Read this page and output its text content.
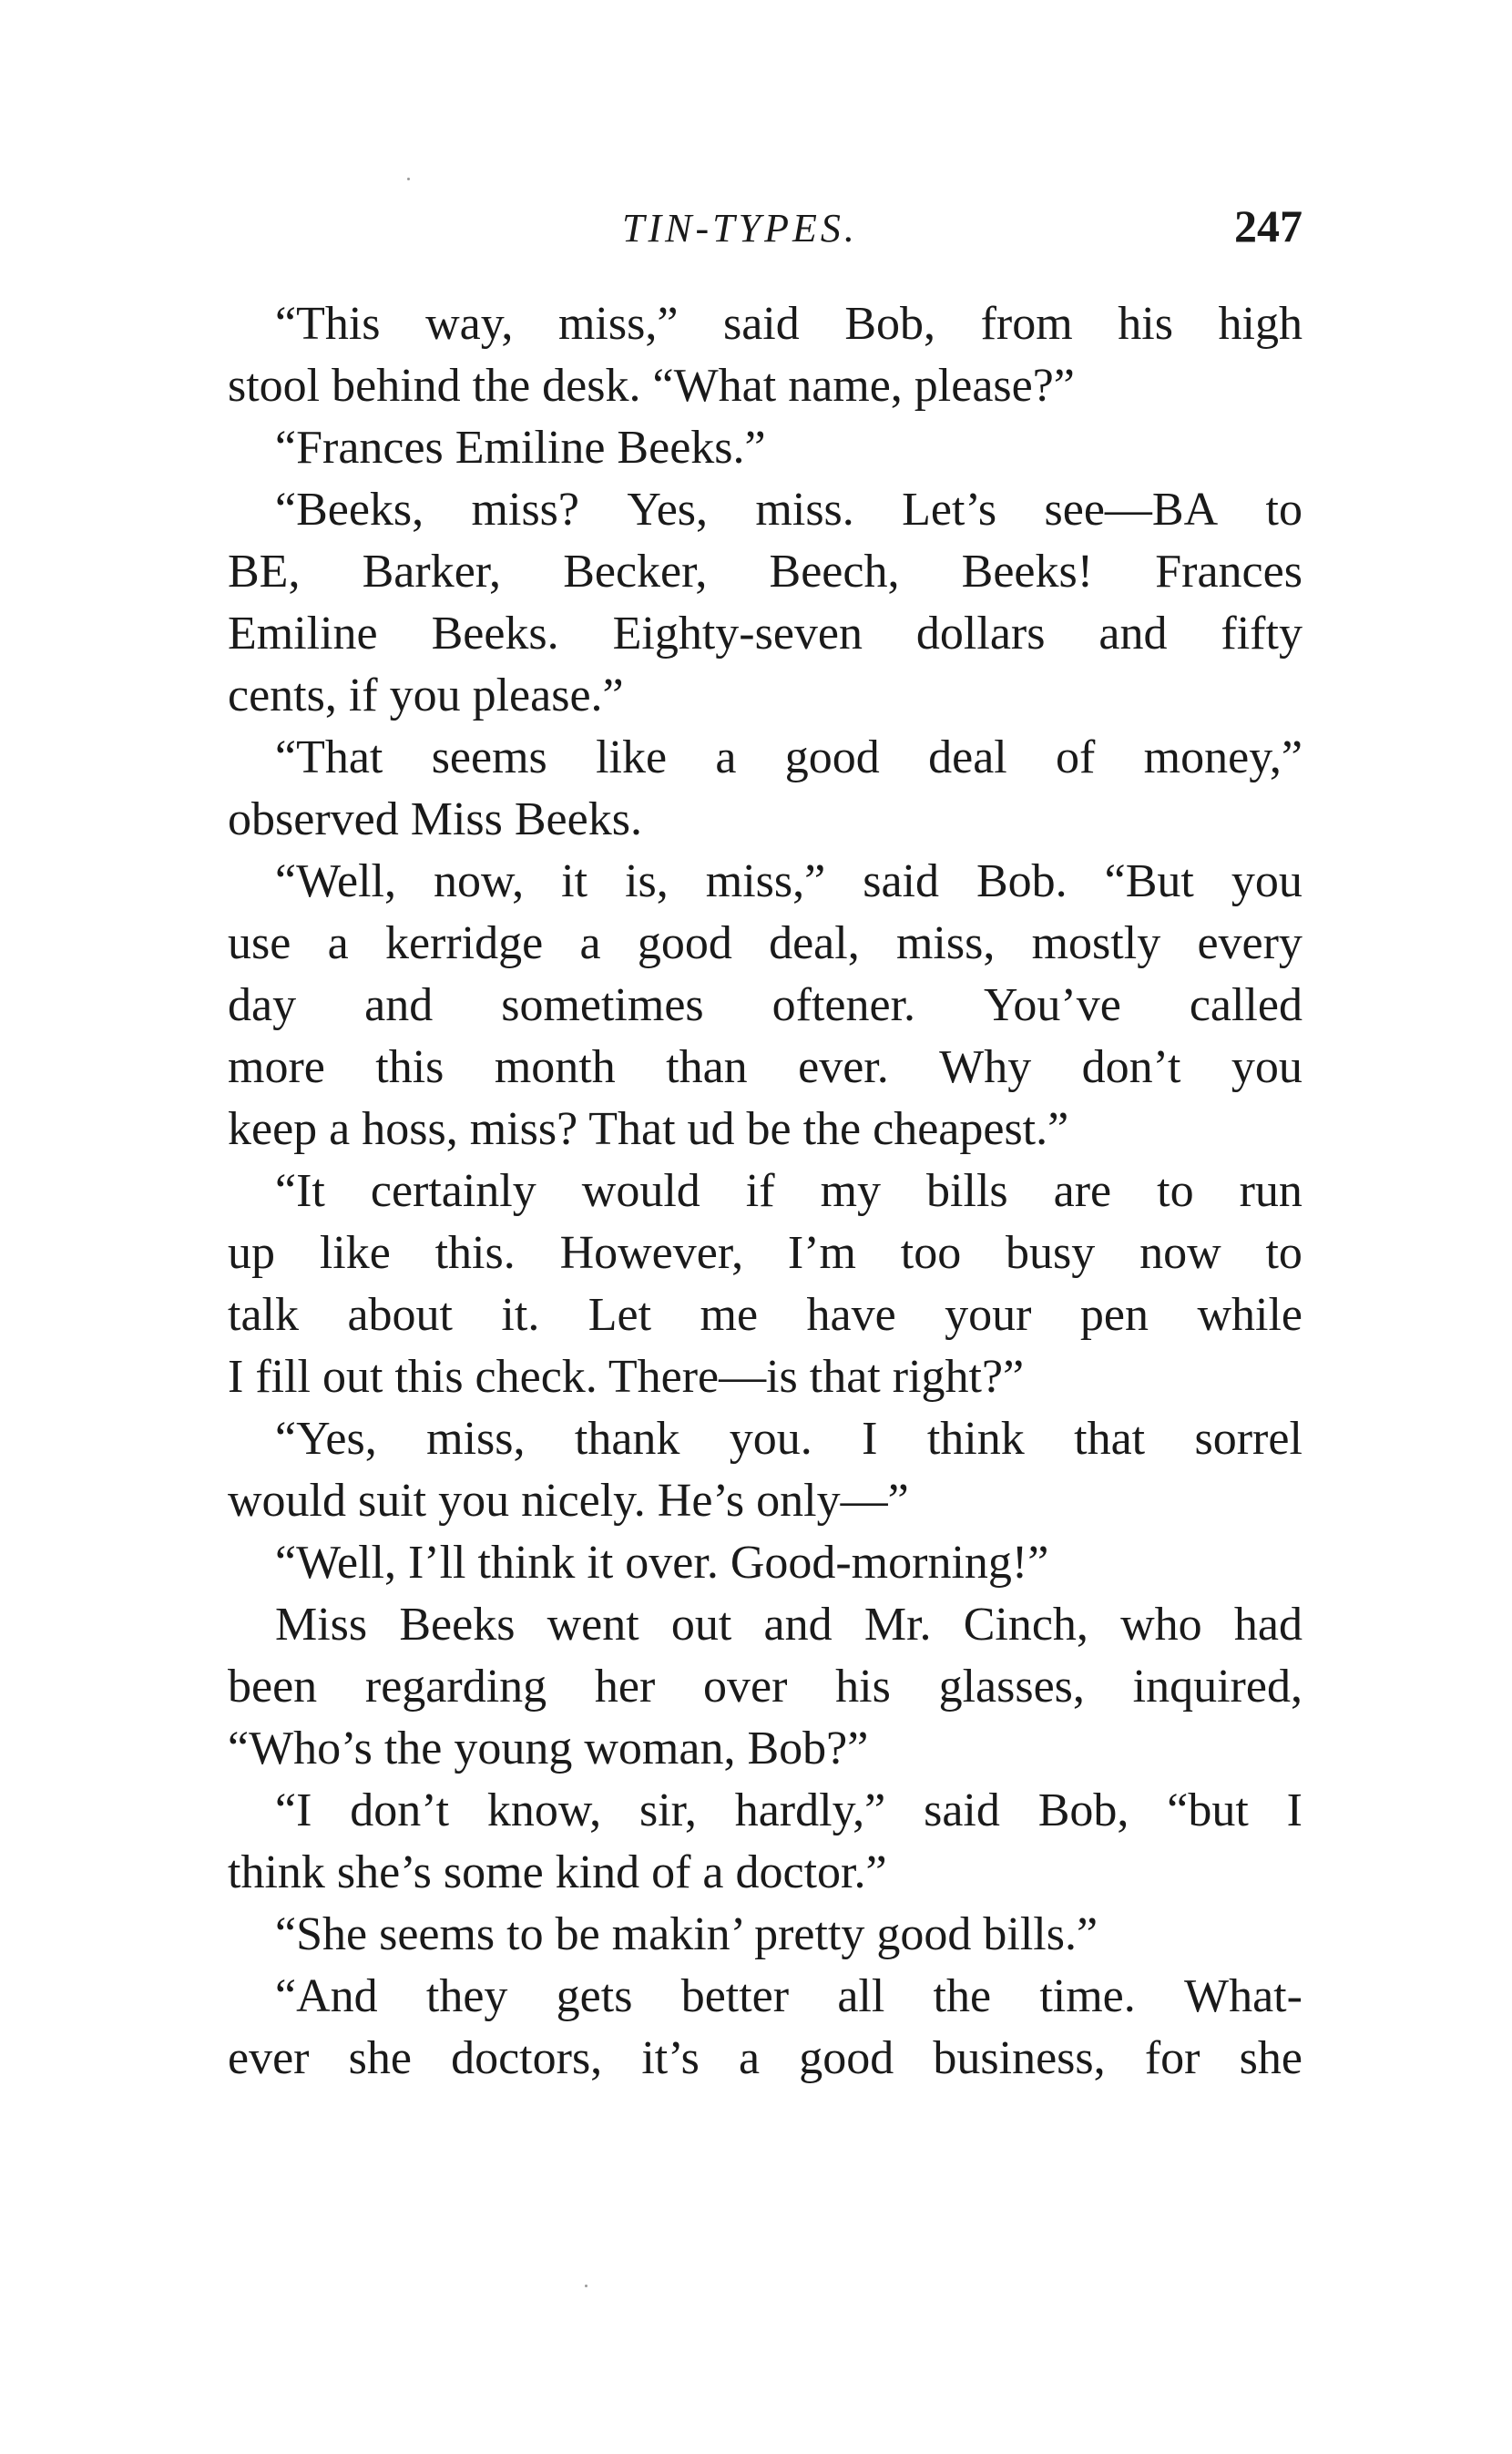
TIN-TYPES.	247
“This way, miss,” said Bob, from his high
stool behind the desk. “What name, please?”
“Frances Emiline Beeks.”
“Beeks, miss? Yes, miss. Let’s see—BA to
BE, Barker, Becker, Beech, Beeks! Frances
Emiline Beeks. Eighty-seven dollars and fifty
cents, if you please.”
“That seems like a good deal of money,”
observed Miss Beeks.
“Well, now, it is, miss,” said Bob. “But you
use a kerridge a good deal, miss, mostly every
day and sometimes oftener. You’ve called
more this month than ever. Why don’t you
keep a hoss, miss? That ud be the cheapest.”
“It certainly would if my bills are to run
up like this. However, I’m too busy now to
talk about it. Let me have your pen while
I fill out this check. There—is that right?”
“Yes, miss, thank you. I think that sorrel
would suit you nicely. He’s only—”
“Well, I’ll think it over. Good-morning!”
Miss Beeks went out and Mr. Cinch, who had
been regarding her over his glasses, inquired,
“Who’s the young woman, Bob?”
“I don’t know, sir, hardly,” said Bob, “but I
think she’s some kind of a doctor.”
“She seems to be makin’ pretty good bills.”
“And they gets better all the time. What-
ever she doctors, it’s a good business, for she
